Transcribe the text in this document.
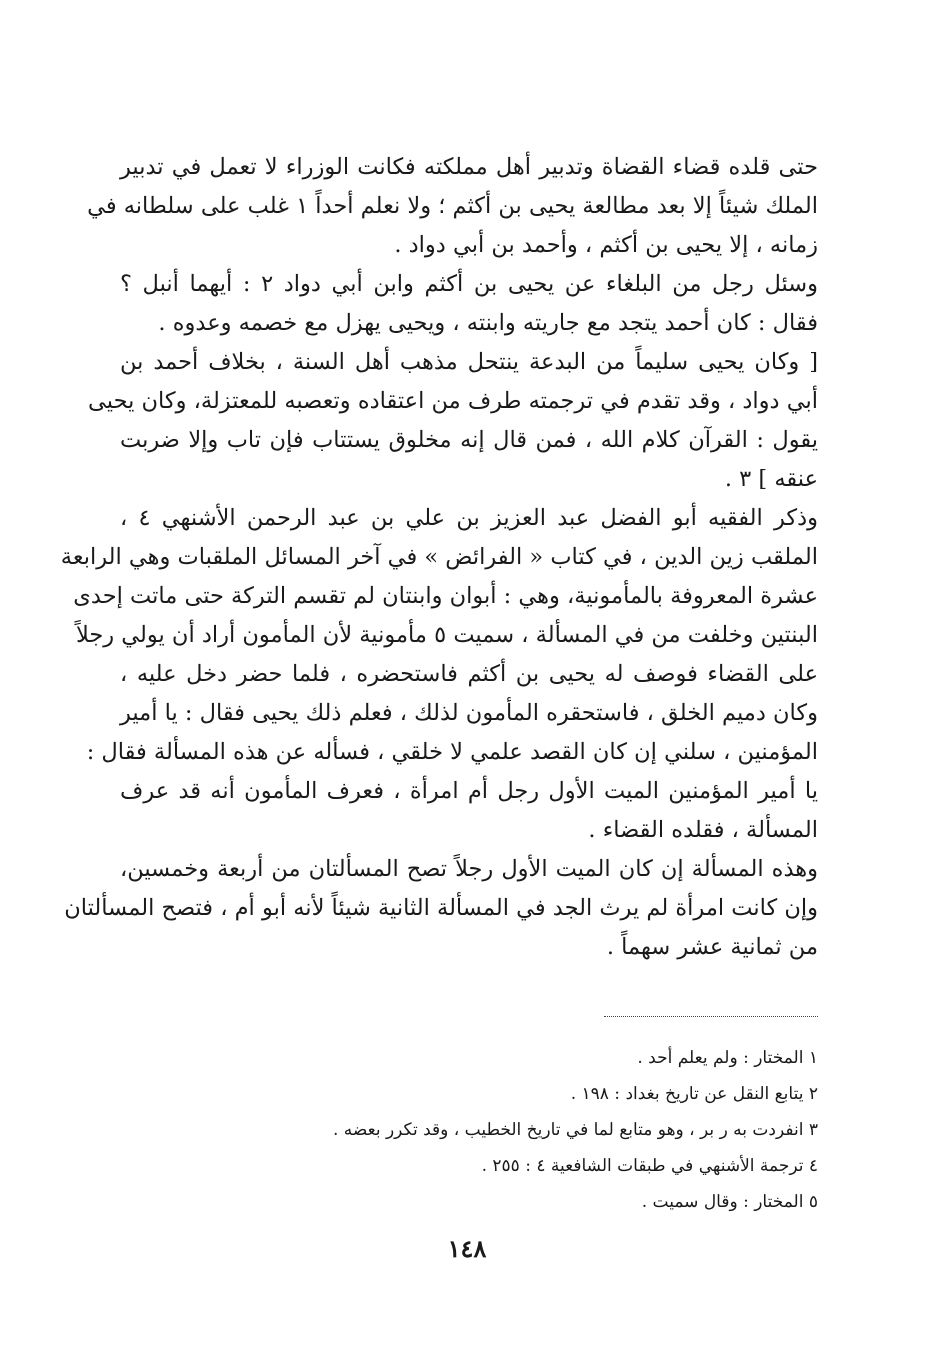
حتى قلده قضاء القضاة وتدبير أهل مملكته فكانت الوزراء لا تعمل في تدبير
الملك شيئاً إلا بعد مطالعة يحيى بن أكثم ؛ ولا نعلم أحداً ١ غلب على سلطانه في
زمانه ، إلا يحيى بن أكثم ، وأحمد بن أبي دواد .
وسئل رجل من البلغاء عن يحيى بن أكثم وابن أبي دواد ٢ : أيهما أنبل ؟
فقال : كان أحمد يتجد مع جاريته وابنته ، ويحيى يهزل مع خصمه وعدوه .
[ وكان يحيى سليماً من البدعة ينتحل مذهب أهل السنة ، بخلاف أحمد بن
أبي دواد ، وقد تقدم في ترجمته طرف من اعتقاده وتعصبه للمعتزلة، وكان يحيى
يقول : القرآن كلام الله ، فمن قال إنه مخلوق يستتاب فإن تاب وإلا ضربت
عنقه ] ٣ .
وذكر الفقيه أبو الفضل عبد العزيز بن علي بن عبد الرحمن الأشنهي ٤ ،
الملقب زين الدين ، في كتاب « الفرائض » في آخر المسائل الملقبات وهي الرابعة
عشرة المعروفة بالمأمونية، وهي : أبوان وابنتان لم تقسم التركة حتى ماتت إحدى
البنتين وخلفت من في المسألة ، سميت ٥ مأمونية لأن المأمون أراد أن يولي رجلاً
على القضاء فوصف له يحيى بن أكثم فاستحضره ، فلما حضر دخل عليه ،
وكان دميم الخلق ، فاستحقره المأمون لذلك ، فعلم ذلك يحيى فقال : يا أمير
المؤمنين ، سلني إن كان القصد علمي لا خلقي ، فسأله عن هذه المسألة فقال :
يا أمير المؤمنين الميت الأول رجل أم امرأة ، فعرف المأمون أنه قد عرف
المسألة ، فقلده القضاء .
وهذه المسألة إن كان الميت الأول رجلاً تصح المسألتان من أربعة وخمسين،
وإن كانت امرأة لم يرث الجد في المسألة الثانية شيئاً لأنه أبو أم ، فتصح المسألتان
من ثمانية عشر سهماً .
١ المختار : ولم يعلم أحد .
٢ يتابع النقل عن تاريخ بغداد : ١٩٨ .
٣ انفردت به ر بر ، وهو متابع لما في تاريخ الخطيب ، وقد تكرر بعضه .
٤ ترجمة الأشنهي في طبقات الشافعية ٤ : ٢٥٥ .
٥ المختار : وقال سميت .
١٤٨
